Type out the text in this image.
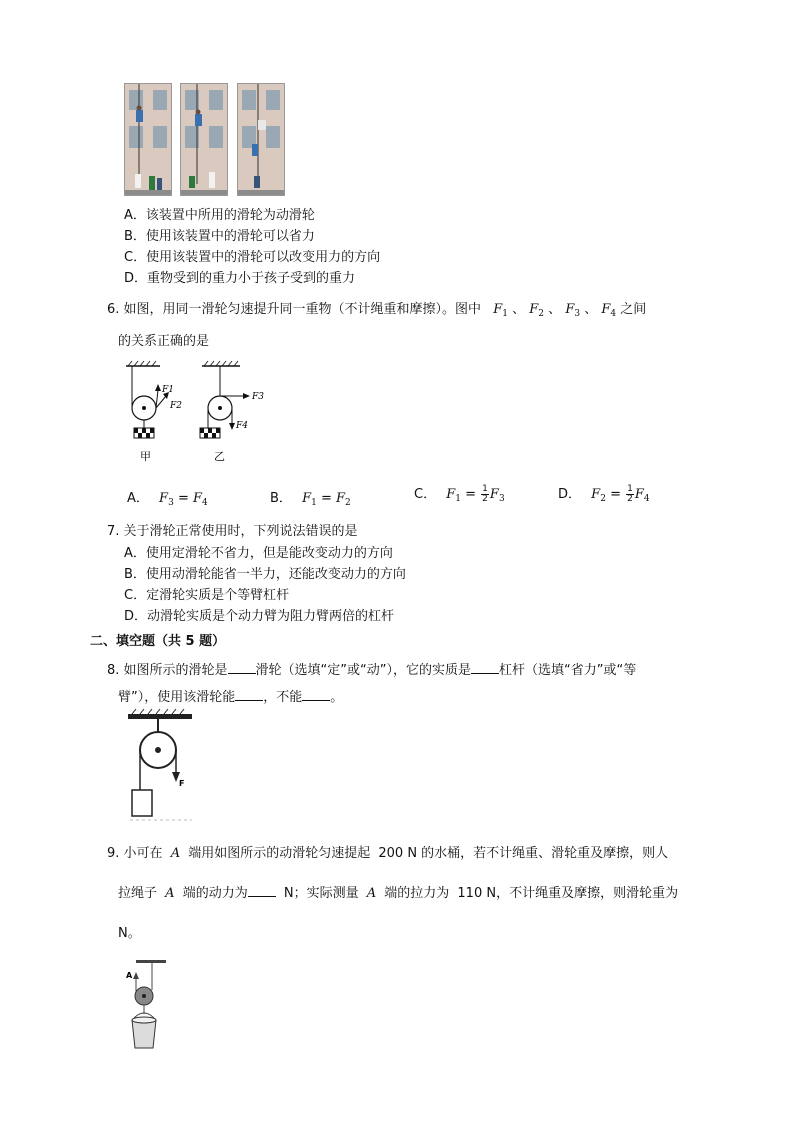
A．该装置中所用的滑轮为动滑轮
B．使用该装置中的滑轮可以省力
C．使用该装置中的滑轮可以改变用力的方向
D．重物受到的重力小于孩子受到的重力
6. 如图，用同一滑轮匀速提升同一重物（不计绳重和摩擦）。图中 $F_1$ 、 $F_2$ 、 $F_3$ 、 $F_4$ 之间
的关系正确的是
F1
F2
甲
F3
F4
乙
A． $F_3 = F_4$	B． $F_1 = F_2$
C． $F_1 = \frac{1}{2} F_3$	D． $F_2 = \frac{1}{2} F_4$
7. 关于滑轮正常使用时，下列说法错误的是
A．使用定滑轮不省力，但是能改变动力的方向
B．使用动滑轮能省一半力，还能改变动力的方向
C．定滑轮实质是个等臂杠杆
D．动滑轮实质是个动力臂为阻力臂两倍的杠杆
二、填空题（共 5 题）
8. 如图所示的滑轮是 滑轮（选填“定”或“动”），它的实质是 杠杆（选填“省力”或“等
臂”），使用该滑轮能 ，不能 。
F
9. 小可在 A 端用如图所示的动滑轮匀速提起 200 N 的水桶，若不计绳重、滑轮重及摩擦，则人
拉绳子 A 端的动力为	N；实际测量 A 端的拉力为 110 N，不计绳重及摩擦，则滑轮重为
N。
A
